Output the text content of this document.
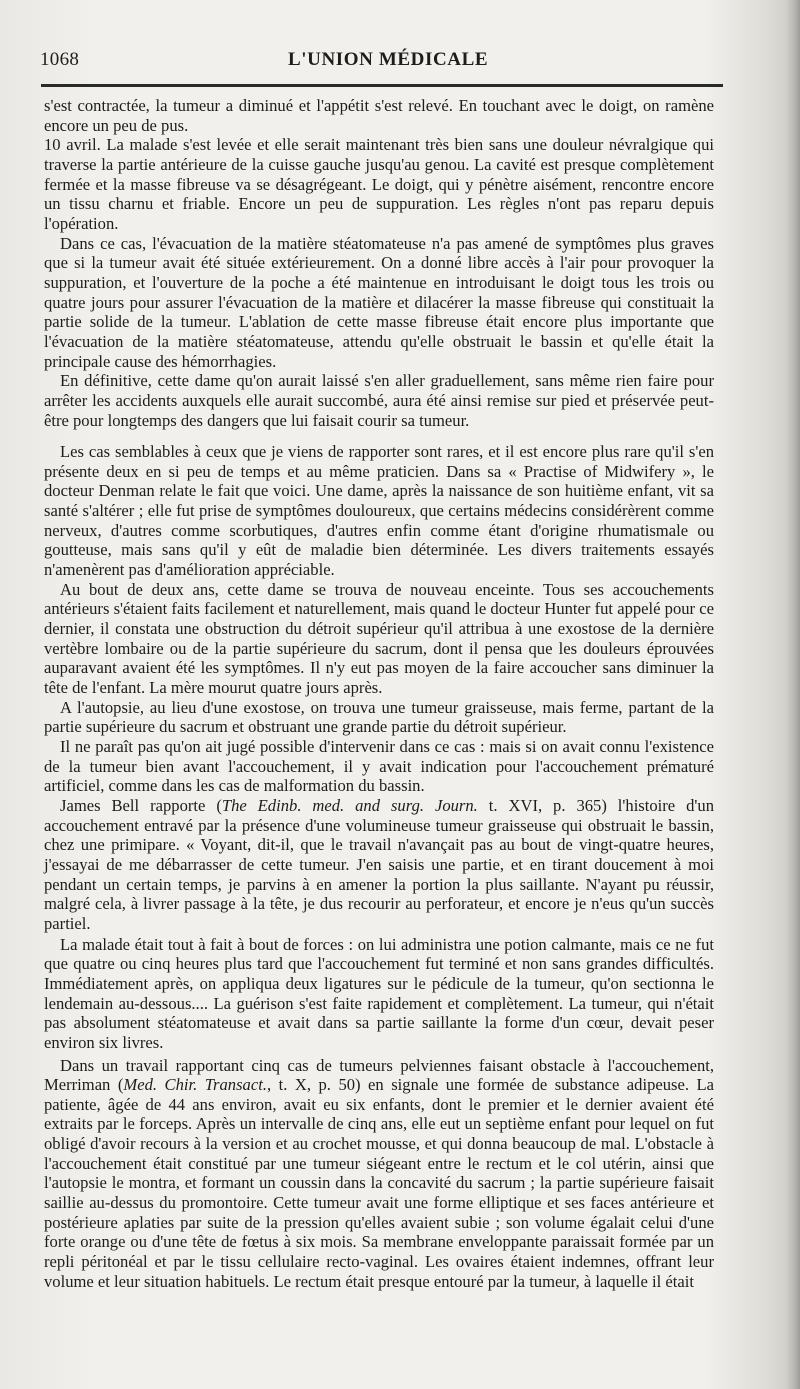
1068	L'UNION MÉDICALE

s'est contractée, la tumeur a diminué et l'appétit s'est relevé. En touchant avec le doigt, on ramène encore un peu de pus.

10 avril. La malade s'est levée et elle serait maintenant très bien sans une douleur névralgique qui traverse la partie antérieure de la cuisse gauche jusqu'au genou. La cavité est presque complètement fermée et la masse fibreuse va se désagrégeant. Le doigt, qui y pénètre aisément, rencontre encore un tissu charnu et friable. Encore un peu de suppuration. Les règles n'ont pas reparu depuis l'opération.

Dans ce cas, l'évacuation de la matière stéatomateuse n'a pas amené de symptômes plus graves que si la tumeur avait été située extérieurement. On a donné libre accès à l'air pour provoquer la suppuration, et l'ouverture de la poche a été maintenue en introduisant le doigt tous les trois ou quatre jours pour assurer l'évacuation de la matière et dilacérer la masse fibreuse qui constituait la partie solide de la tumeur. L'ablation de cette masse fibreuse était encore plus importante que l'évacuation de la matière stéatomateuse, attendu qu'elle obstruait le bassin et qu'elle était la principale cause des hémorrhagies.

En définitive, cette dame qu'on aurait laissé s'en aller graduellement, sans même rien faire pour arrêter les accidents auxquels elle aurait succombé, aura été ainsi remise sur pied et préservée peut-être pour longtemps des dangers que lui faisait courir sa tumeur.

Les cas semblables à ceux que je viens de rapporter sont rares, et il est encore plus rare qu'il s'en présente deux en si peu de temps et au même praticien. Dans sa « Practise of Midwifery », le docteur Denman relate le fait que voici. Une dame, après la naissance de son huitième enfant, vit sa santé s'altérer ; elle fut prise de symptômes douloureux, que certains médecins considérèrent comme nerveux, d'autres comme scorbutiques, d'autres enfin comme étant d'origine rhumatismale ou goutteuse, mais sans qu'il y eût de maladie bien déterminée. Les divers traitements essayés n'amenèrent pas d'amélioration appréciable.

Au bout de deux ans, cette dame se trouva de nouveau enceinte. Tous ses accouchements antérieurs s'étaient faits facilement et naturellement, mais quand le docteur Hunter fut appelé pour ce dernier, il constata une obstruction du détroit supérieur qu'il attribua à une exostose de la dernière vertèbre lombaire ou de la partie supérieure du sacrum, dont il pensa que les douleurs éprouvées auparavant avaient été les symptômes. Il n'y eut pas moyen de la faire accoucher sans diminuer la tête de l'enfant. La mère mourut quatre jours après.

A l'autopsie, au lieu d'une exostose, on trouva une tumeur graisseuse, mais ferme, partant de la partie supérieure du sacrum et obstruant une grande partie du détroit supérieur.

Il ne paraît pas qu'on ait jugé possible d'intervenir dans ce cas : mais si on avait connu l'existence de la tumeur bien avant l'accouchement, il y avait indication pour l'accouchement prématuré artificiel, comme dans les cas de malformation du bassin.

James Bell rapporte (The Edinb. med. and surg. Journ. t. XVI, p. 365) l'histoire d'un accouchement entravé par la présence d'une volumineuse tumeur graisseuse qui obstruait le bassin, chez une primipare. « Voyant, dit-il, que le travail n'avançait pas au bout de vingt-quatre heures, j'essayai de me débarrasser de cette tumeur. J'en saisis une partie, et en tirant doucement à moi pendant un certain temps, je parvins à en amener la portion la plus saillante. N'ayant pu réussir, malgré cela, à livrer passage à la tête, je dus recourir au perforateur, et encore je n'eus qu'un succès partiel.

La malade était tout à fait à bout de forces : on lui administra une potion calmante, mais ce ne fut que quatre ou cinq heures plus tard que l'accouchement fut terminé et non sans grandes difficultés. Immédiatement après, on appliqua deux ligatures sur le pédicule de la tumeur, qu'on sectionna le lendemain au-dessous.... La guérison s'est faite rapidement et complètement. La tumeur, qui n'était pas absolument stéatomateuse et avait dans sa partie saillante la forme d'un cœur, devait peser environ six livres.

Dans un travail rapportant cinq cas de tumeurs pelviennes faisant obstacle à l'accouchement, Merriman (Med. Chir. Transact., t. X, p. 50) en signale une formée de substance adipeuse. La patiente, âgée de 44 ans environ, avait eu six enfants, dont le premier et le dernier avaient été extraits par le forceps. Après un intervalle de cinq ans, elle eut un septième enfant pour lequel on fut obligé d'avoir recours à la version et au crochet mousse, et qui donna beaucoup de mal. L'obstacle à l'accouchement était constitué par une tumeur siégeant entre le rectum et le col utérin, ainsi que l'autopsie le montra, et formant un coussin dans la concavité du sacrum ; la partie supérieure faisait saillie au-dessus du promontoire. Cette tumeur avait une forme elliptique et ses faces antérieure et postérieure aplaties par suite de la pression qu'elles avaient subie ; son volume égalait celui d'une forte orange ou d'une tête de fœtus à six mois. Sa membrane enveloppante paraissait formée par un repli péritonéal et par le tissu cellulaire recto-vaginal. Les ovaires étaient indemnes, offrant leur volume et leur situation habituels. Le rectum était presque entouré par la tumeur, à laquelle il était
